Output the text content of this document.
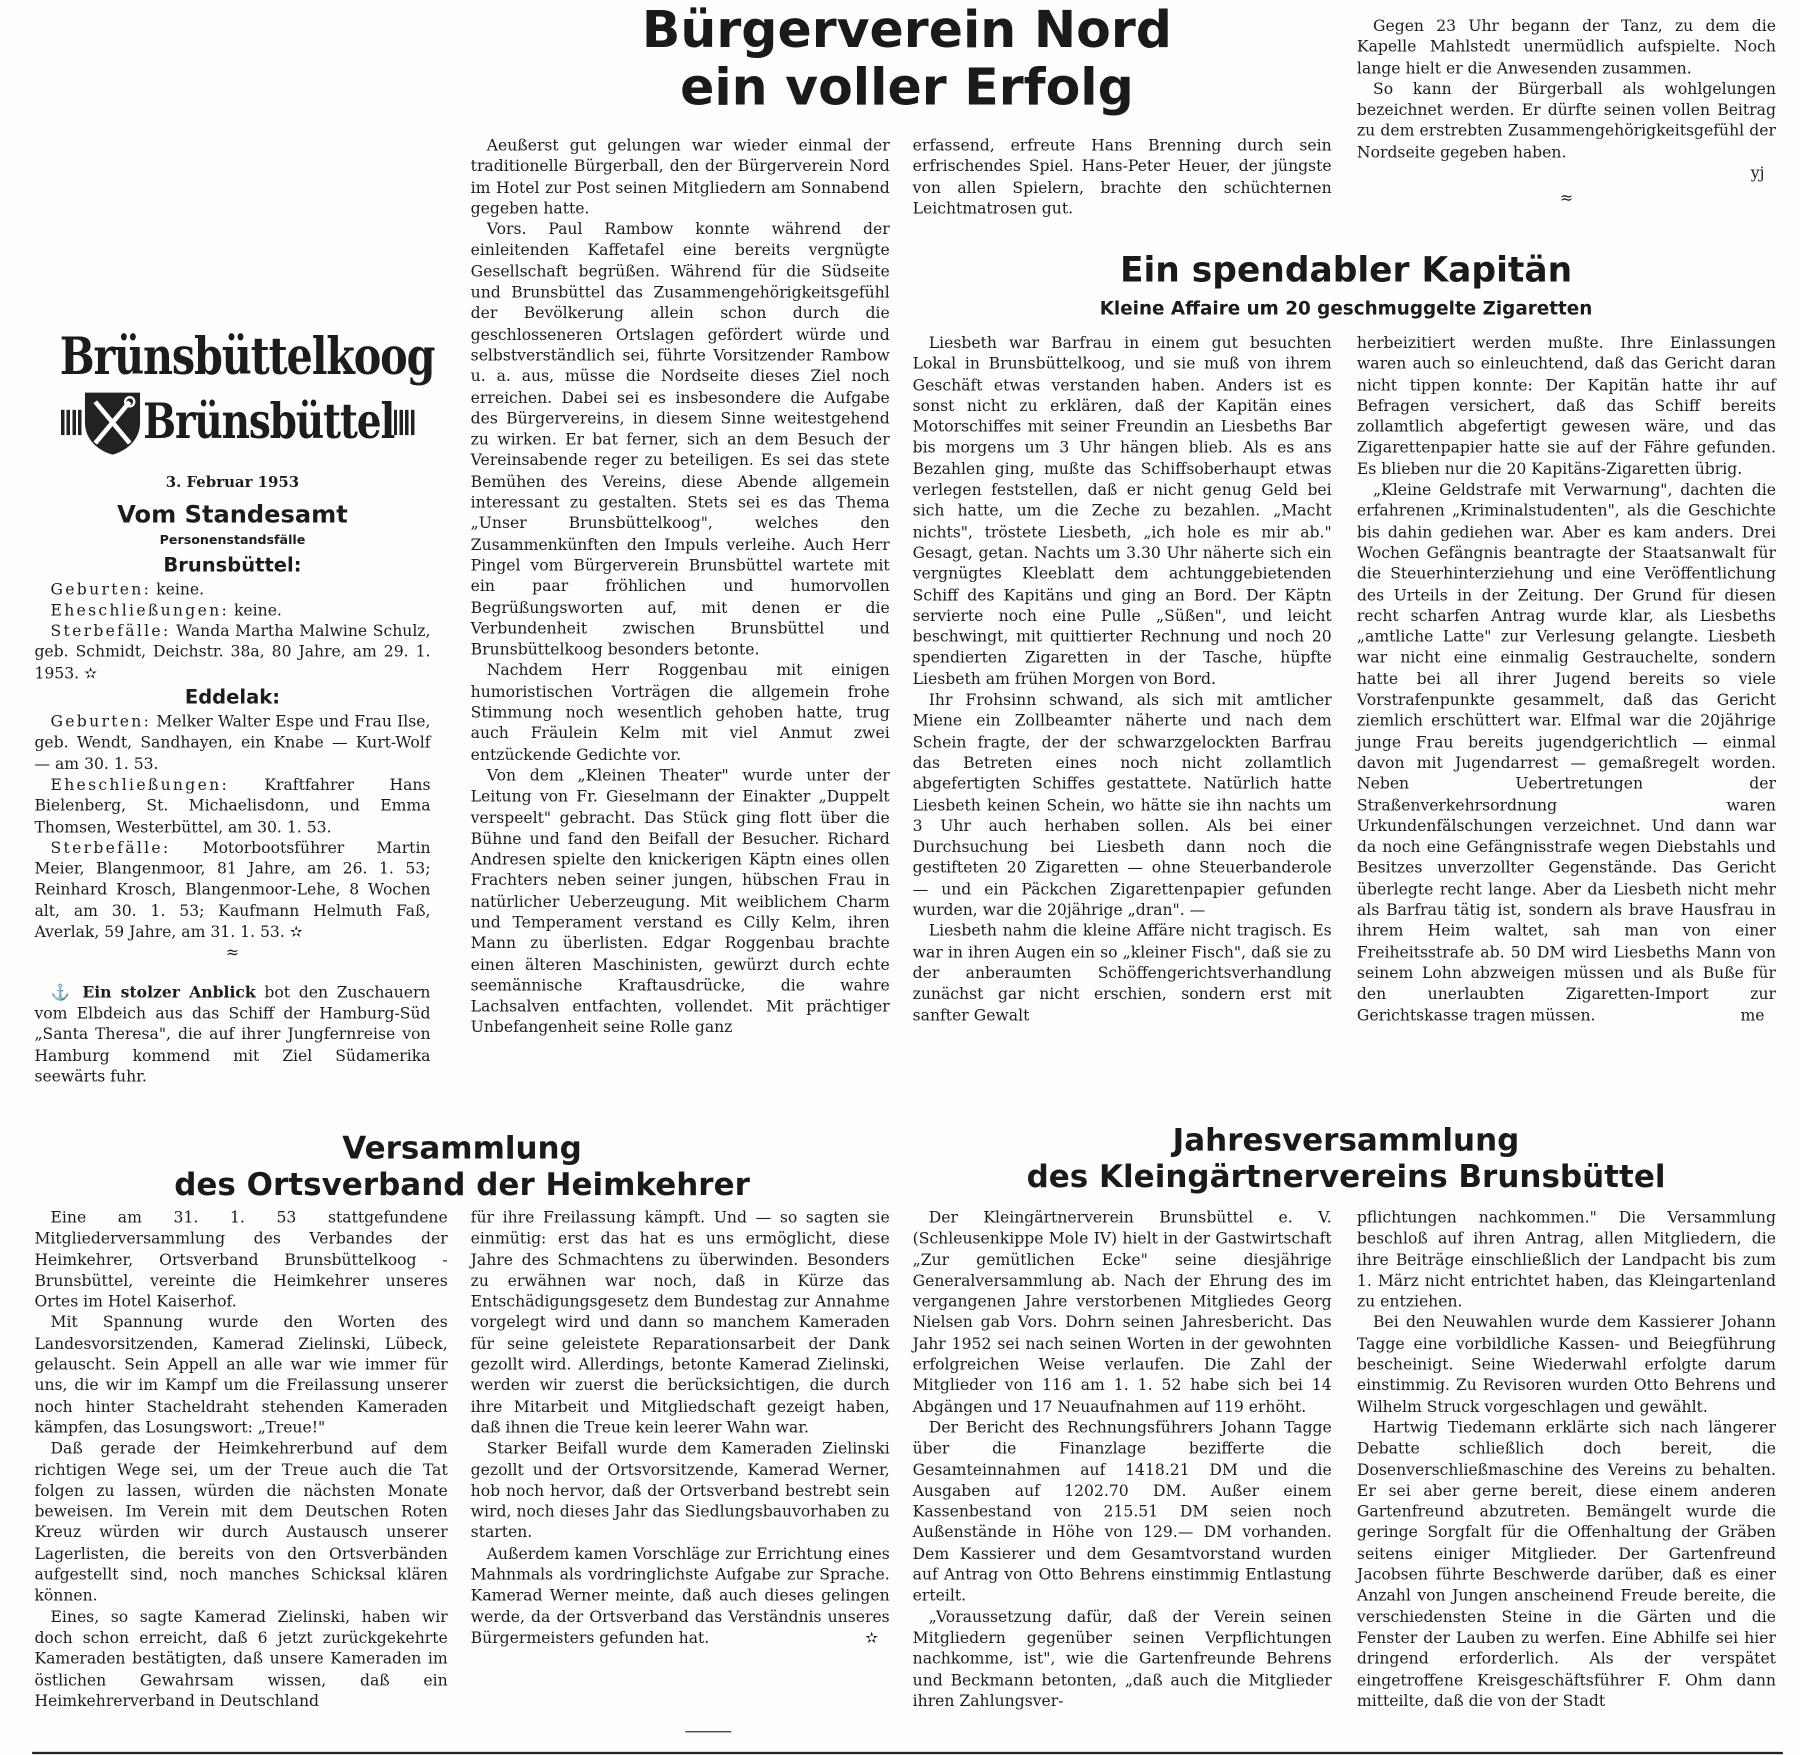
Bürgerverein Nord
ein voller Erfolg
Brünsbüttelkoog
Brünsbüttel
3. Februar 1953
Vom Standesamt
Personenstandsfälle
Brunsbüttel:

Geburten: keine.

Eheschließungen: keine.

Sterbefälle: Wanda Martha Malwine Schulz, geb. Schmidt, Deichstr. 38a, 80 Jahre, am 29. 1. 1953. ✫

Eddelak:

Geburten: Melker Walter Espe und Frau Ilse, geb. Wendt, Sandhayen, ein Knabe — Kurt-Wolf — am 30. 1. 53.

Eheschließungen: Kraftfahrer Hans Bielenberg, St. Michaelisdonn, und Emma Thomsen, Westerbüttel, am 30. 1. 53.

Sterbefälle: Motorbootsführer Martin Meier, Blangenmoor, 81 Jahre, am 26. 1. 53; Reinhard Krosch, Blangenmoor-Lehe, 8 Wochen alt, am 30. 1. 53; Kaufmann Helmuth Faß, Averlak, 59 Jahre, am 31. 1. 53. ✫

≈

⚓ Ein stolzer Anblick bot den Zuschauern vom Elbdeich aus das Schiff der Hamburg-Süd „Santa Theresa", die auf ihrer Jungfernreise von Hamburg kommend mit Ziel Südamerika seewärts fuhr.

Aeußerst gut gelungen war wieder einmal der traditionelle Bürgerball, den der Bürgerverein Nord im Hotel zur Post seinen Mitgliedern am Sonnabend gegeben hatte.

Vors. Paul Rambow konnte während der einleitenden Kaffetafel eine bereits vergnügte Gesellschaft begrüßen. Während für die Südseite und Brunsbüttel das Zusammengehörigkeitsgefühl der Bevölkerung allein schon durch die geschlosseneren Ortslagen gefördert würde und selbstverständlich sei, führte Vorsitzender Rambow u. a. aus, müsse die Nordseite dieses Ziel noch erreichen. Dabei sei es insbesondere die Aufgabe des Bürgervereins, in diesem Sinne weitestgehend zu wirken. Er bat ferner, sich an dem Besuch der Vereinsabende reger zu beteiligen. Es sei das stete Bemühen des Vereins, diese Abende allgemein interessant zu gestalten. Stets sei es das Thema „Unser Brunsbüttelkoog", welches den Zusammenkünften den Impuls verleihe. Auch Herr Pingel vom Bürgerverein Brunsbüttel wartete mit ein paar fröhlichen und humorvollen Begrüßungsworten auf, mit denen er die Verbundenheit zwischen Brunsbüttel und Brunsbüttelkoog besonders betonte.

Nachdem Herr Roggenbau mit einigen humoristischen Vorträgen die allgemein frohe Stimmung noch wesentlich gehoben hatte, trug auch Fräulein Kelm mit viel Anmut zwei entzückende Gedichte vor.

Von dem „Kleinen Theater" wurde unter der Leitung von Fr. Gieselmann der Einakter „Duppelt verspeelt" gebracht. Das Stück ging flott über die Bühne und fand den Beifall der Besucher. Richard Andresen spielte den knickerigen Käptn eines ollen Frachters neben seiner jungen, hübschen Frau in natürlicher Ueberzeugung. Mit weiblichem Charm und Temperament verstand es Cilly Kelm, ihren Mann zu überlisten. Edgar Roggenbau brachte einen älteren Maschinisten, gewürzt durch echte seemännische Kraftausdrücke, die wahre Lachsalven entfachten, vollendet. Mit prächtiger Unbefangenheit seine Rolle ganz

erfassend, erfreute Hans Brenning durch sein erfrischendes Spiel. Hans-Peter Heuer, der jüngste von allen Spielern, brachte den schüchternen Leichtmatrosen gut.

Gegen 23 Uhr begann der Tanz, zu dem die Kapelle Mahlstedt unermüdlich aufspielte. Noch lange hielt er die Anwesenden zusammen.

So kann der Bürgerball als wohlgelungen bezeichnet werden. Er dürfte seinen vollen Beitrag zu dem erstrebten Zusammengehörigkeitsgefühl der Nordseite gegeben haben.

yj
≈
Ein spendabler Kapitän
Kleine Affaire um 20 geschmuggelte Zigaretten

Liesbeth war Barfrau in einem gut besuchten Lokal in Brunsbüttelkoog, und sie muß von ihrem Geschäft etwas verstanden haben. Anders ist es sonst nicht zu erklären, daß der Kapitän eines Motorschiffes mit seiner Freundin an Liesbeths Bar bis morgens um 3 Uhr hängen blieb. Als es ans Bezahlen ging, mußte das Schiffsoberhaupt etwas verlegen feststellen, daß er nicht genug Geld bei sich hatte, um die Zeche zu bezahlen. „Macht nichts", tröstete Liesbeth, „ich hole es mir ab." Gesagt, getan. Nachts um 3.30 Uhr näherte sich ein vergnügtes Kleeblatt dem achtunggebietenden Schiff des Kapitäns und ging an Bord. Der Käptn servierte noch eine Pulle „Süßen", und leicht beschwingt, mit quittierter Rechnung und noch 20 spendierten Zigaretten in der Tasche, hüpfte Liesbeth am frühen Morgen von Bord.

Ihr Frohsinn schwand, als sich mit amtlicher Miene ein Zollbeamter näherte und nach dem Schein fragte, der der schwarzgelockten Barfrau das Betreten eines noch nicht zollamtlich abgefertigten Schiffes gestattete. Natürlich hatte Liesbeth keinen Schein, wo hätte sie ihn nachts um 3 Uhr auch herhaben sollen. Als bei einer Durchsuchung bei Liesbeth dann noch die gestifteten 20 Zigaretten — ohne Steuerbanderole — und ein Päckchen Zigarettenpapier gefunden wurden, war die 20jährige „dran". —

Liesbeth nahm die kleine Affäre nicht tragisch. Es war in ihren Augen ein so „kleiner Fisch", daß sie zu der anberaumten Schöffengerichtsverhandlung zunächst gar nicht erschien, sondern erst mit sanfter Gewalt

herbeizitiert werden mußte. Ihre Einlassungen waren auch so einleuchtend, daß das Gericht daran nicht tippen konnte: Der Kapitän hatte ihr auf Befragen versichert, daß das Schiff bereits zollamtlich abgefertigt gewesen wäre, und das Zigarettenpapier hatte sie auf der Fähre gefunden. Es blieben nur die 20 Kapitäns-Zigaretten übrig.

„Kleine Geldstrafe mit Verwarnung", dachten die erfahrenen „Kriminalstudenten", als die Geschichte bis dahin gediehen war. Aber es kam anders. Drei Wochen Gefängnis beantragte der Staatsanwalt für die Steuerhinterziehung und eine Veröffentlichung des Urteils in der Zeitung. Der Grund für diesen recht scharfen Antrag wurde klar, als Liesbeths „amtliche Latte" zur Verlesung gelangte. Liesbeth war nicht eine einmalig Gestrauchelte, sondern hatte bei all ihrer Jugend bereits so viele Vorstrafenpunkte gesammelt, daß das Gericht ziemlich erschüttert war. Elfmal war die 20jährige junge Frau bereits jugendgerichtlich — einmal davon mit Jugendarrest — gemaßregelt worden. Neben Uebertretungen der Straßenverkehrsordnung waren Urkundenfälschungen verzeichnet. Und dann war da noch eine Gefängnisstrafe wegen Diebstahls und Besitzes unverzollter Gegenstände. Das Gericht überlegte recht lange. Aber da Liesbeth nicht mehr als Barfrau tätig ist, sondern als brave Hausfrau in ihrem Heim waltet, sah man von einer Freiheitsstrafe ab. 50 DM wird Liesbeths Mann von seinem Lohn abzweigen müssen und als Buße für den unerlaubten Zigaretten-Import zur Gerichtskasse tragen müssen.	me
Versammlung
des Ortsverband der Heimkehrer

Eine am 31. 1. 53 stattgefundene Mitgliederversammlung des Verbandes der Heimkehrer, Ortsverband Brunsbüttelkoog - Brunsbüttel, vereinte die Heimkehrer unseres Ortes im Hotel Kaiserhof.

Mit Spannung wurde den Worten des Landesvorsitzenden, Kamerad Zielinski, Lübeck, gelauscht. Sein Appell an alle war wie immer für uns, die wir im Kampf um die Freilassung unserer noch hinter Stacheldraht stehenden Kameraden kämpfen, das Losungswort: „Treue!"

Daß gerade der Heimkehrerbund auf dem richtigen Wege sei, um der Treue auch die Tat folgen zu lassen, würden die nächsten Monate beweisen. Im Verein mit dem Deutschen Roten Kreuz würden wir durch Austausch unserer Lagerlisten, die bereits von den Ortsverbänden aufgestellt sind, noch manches Schicksal klären können.

Eines, so sagte Kamerad Zielinski, haben wir doch schon erreicht, daß 6 jetzt zurückgekehrte Kameraden bestätigten, daß unsere Kameraden im östlichen Gewahrsam wissen, daß ein Heimkehrerverband in Deutschland

für ihre Freilassung kämpft. Und — so sagten sie einmütig: erst das hat es uns ermöglicht, diese Jahre des Schmachtens zu überwinden. Besonders zu erwähnen war noch, daß in Kürze das Entschädigungsgesetz dem Bundestag zur Annahme vorgelegt wird und dann so manchem Kameraden für seine geleistete Reparationsarbeit der Dank gezollt wird. Allerdings, betonte Kamerad Zielinski, werden wir zuerst die berücksichtigen, die durch ihre Mitarbeit und Mitgliedschaft gezeigt haben, daß ihnen die Treue kein leerer Wahn war.

Starker Beifall wurde dem Kameraden Zielinski gezollt und der Ortsvorsitzende, Kamerad Werner, hob noch hervor, daß der Ortsverband bestrebt sein wird, noch dieses Jahr das Siedlungsbauvorhaben zu starten.

Außerdem kamen Vorschläge zur Errichtung eines Mahnmals als vordringlichste Aufgabe zur Sprache. Kamerad Werner meinte, daß auch dieses gelingen werde, da der Ortsverband das Verständnis unseres Bürgermeisters gefunden hat.	✫
Jahresversammlung
des Kleingärtnervereins Brunsbüttel

Der Kleingärtnerverein Brunsbüttel e. V. (Schleusenkippe Mole IV) hielt in der Gastwirtschaft „Zur gemütlichen Ecke" seine diesjährige Generalversammlung ab. Nach der Ehrung des im vergangenen Jahre verstorbenen Mitgliedes Georg Nielsen gab Vors. Dohrn seinen Jahresbericht. Das Jahr 1952 sei nach seinen Worten in der gewohnten erfolgreichen Weise verlaufen. Die Zahl der Mitglieder von 116 am 1. 1. 52 habe sich bei 14 Abgängen und 17 Neuaufnahmen auf 119 erhöht.

Der Bericht des Rechnungsführers Johann Tagge über die Finanzlage bezifferte die Gesamteinnahmen auf 1418.21 DM und die Ausgaben auf 1202.70 DM. Außer einem Kassenbestand von 215.51 DM seien noch Außenstände in Höhe von 129.— DM vorhanden. Dem Kassierer und dem Gesamtvorstand wurden auf Antrag von Otto Behrens einstimmig Entlastung erteilt.

„Voraussetzung dafür, daß der Verein seinen Mitgliedern gegenüber seinen Verpflichtungen nachkomme, ist", wie die Gartenfreunde Behrens und Beckmann betonten, „daß auch die Mitglieder ihren Zahlungsver-

pflichtungen nachkommen." Die Versammlung beschloß auf ihren Antrag, allen Mitgliedern, die ihre Beiträge einschließlich der Landpacht bis zum 1. März nicht entrichtet haben, das Kleingartenland zu entziehen.

Bei den Neuwahlen wurde dem Kassierer Johann Tagge eine vorbildliche Kassen- und Beiegführung bescheinigt. Seine Wiederwahl erfolgte darum einstimmig. Zu Revisoren wurden Otto Behrens und Wilhelm Struck vorgeschlagen und gewählt.

Hartwig Tiedemann erklärte sich nach längerer Debatte schließlich doch bereit, die Dosenverschließmaschine des Vereins zu behalten. Er sei aber gerne bereit, diese einem anderen Gartenfreund abzutreten. Bemängelt wurde die geringe Sorgfalt für die Offenhaltung der Gräben seitens einiger Mitglieder. Der Gartenfreund Jacobsen führte Beschwerde darüber, daß es einer Anzahl von Jungen anscheinend Freude bereite, die verschiedensten Steine in die Gärten und die Fenster der Lauben zu werfen. Eine Abhilfe sei hier dringend erforderlich. Als der verspätet eingetroffene Kreisgeschäftsführer F. Ohm dann mitteilte, daß die von der Stadt
